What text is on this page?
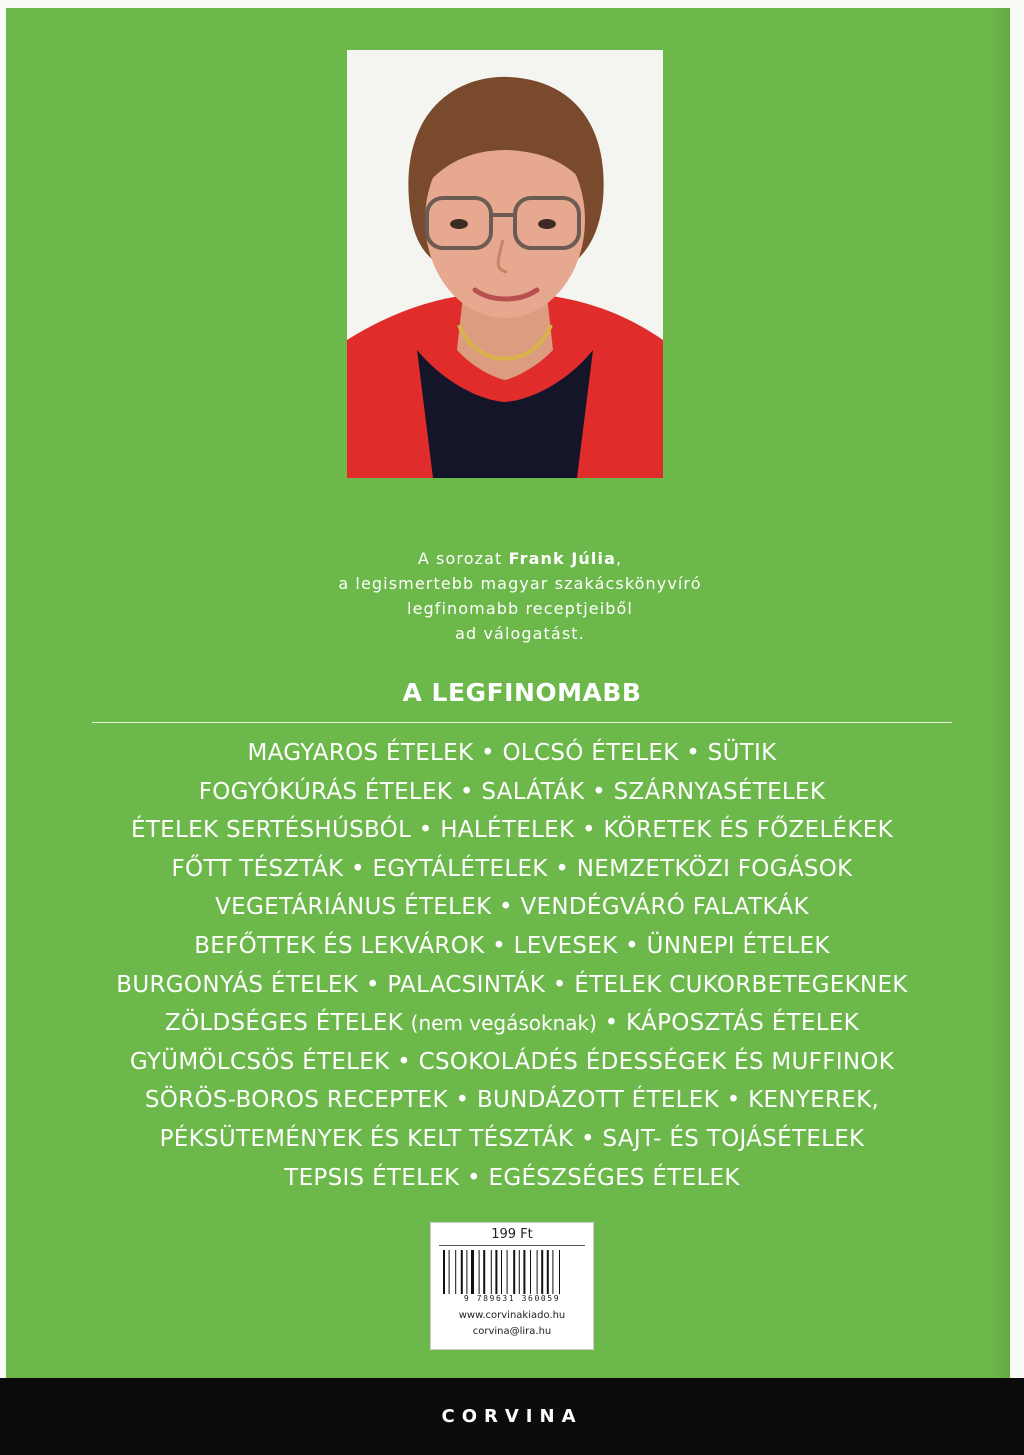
A sorozat Frank Júlia,
a legismertebb magyar szakácskönyvíró
legfinomabb receptjeiből
ad válogatást.
A LEGFINOMABB
MAGYAROS ÉTELEK • OLCSÓ ÉTELEK • SÜTIK
FOGYÓKÚRÁS ÉTELEK • SALÁTÁK • SZÁRNYASÉTELEK
ÉTELEK SERTÉSHÚSBÓL • HALÉTELEK • KÖRETEK ÉS FŐZELÉKEK
FŐTT TÉSZTÁK • EGYTÁLÉTELEK • NEMZETKÖZI FOGÁSOK
VEGETÁRIÁNUS ÉTELEK • VENDÉGVÁRÓ FALATKÁK
BEFŐTTEK ÉS LEKVÁROK • LEVESEK • ÜNNEPI ÉTELEK
BURGONYÁS ÉTELEK • PALACSINTÁK • ÉTELEK CUKORBETEGEKNEK
ZÖLDSÉGES ÉTELEK (nem vegásoknak) • KÁPOSZTÁS ÉTELEK
GYÜMÖLCSÖS ÉTELEK • CSOKOLÁDÉS ÉDESSÉGEK ÉS MUFFINOK
SÖRÖS-BOROS RECEPTEK • BUNDÁZOTT ÉTELEK • KENYEREK,
PÉKSÜTEMÉNYEK ÉS KELT TÉSZTÁK • SAJT- ÉS TOJÁSÉTELEK
TEPSIS ÉTELEK • EGÉSZSÉGES ÉTELEK
199 Ft
9 789631 360059
www.corvinakiado.hu
corvina@lira.hu
CORVINA
